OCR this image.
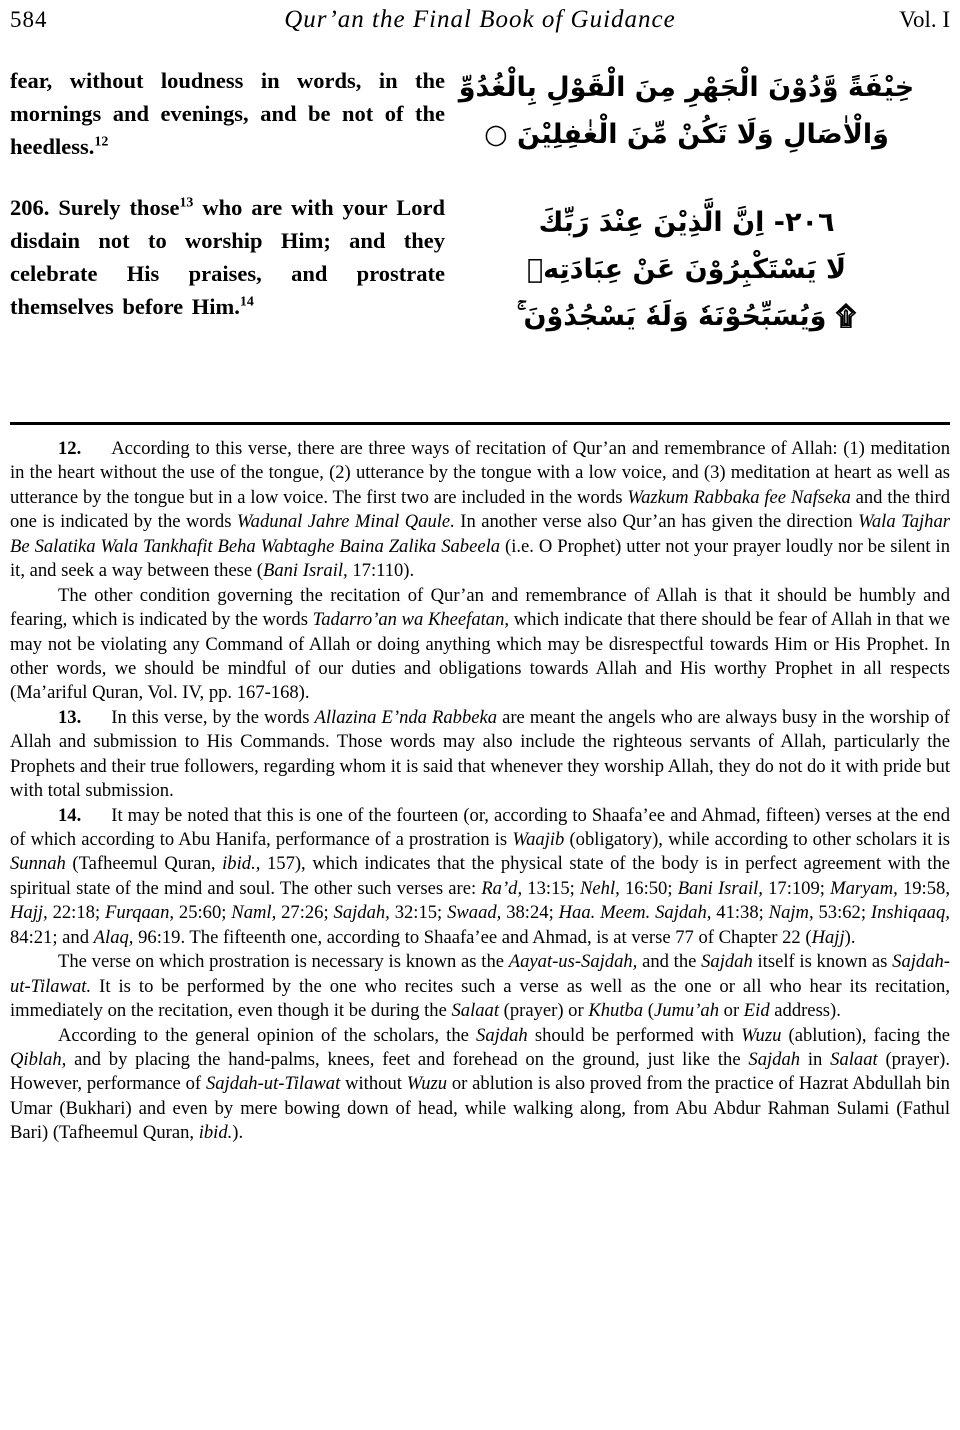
584	Qur’an the Final Book of Guidance	Vol. I

fear, without loudness in words, in the mornings and evenings, and be not of the heedless.$^{12}$

206. Surely those$^{13}$ who are with your Lord disdain not to worship Him; and they celebrate His praises, and prostrate themselves before Him.$^{14}$

خِيْفَةً وَّدُوْنَ الْجَهْرِ مِنَ الْقَوْلِ بِالْغُدُوِّ
وَالْاٰصَالِ وَلَا تَكُنْ مِّنَ الْغٰفِلِيْنَ ○
٢٠٦- اِنَّ الَّذِيْنَ عِنْدَ رَبِّكَ
لَا يَسْتَكْبِرُوْنَ عَنْ عِبَادَتِهٖ
۩ وَيُسَبِّحُوْنَهٗ وَلَهٗ يَسْجُدُوْنَ ۚ

12. According to this verse, there are three ways of recitation of Qur’an and remembrance of Allah: (1) meditation in the heart without the use of the tongue, (2) utterance by the tongue with a low voice, and (3) meditation at heart as well as utterance by the tongue but in a low voice. The first two are included in the words Wazkum Rabbaka fee Nafseka and the third one is indicated by the words Wadunal Jahre Minal Qaule. In another verse also Qur’an has given the direction Wala Tajhar Be Salatika Wala Tankhafit Beha Wabtaghe Baina Zalika Sabeela (i.e. O Prophet) utter not your prayer loudly nor be silent in it, and seek a way between these (Bani Israil, 17:110).

The other condition governing the recitation of Qur’an and remembrance of Allah is that it should be humbly and fearing, which is indicated by the words Tadarro’an wa Kheefatan, which indicate that there should be fear of Allah in that we may not be violating any Command of Allah or doing anything which may be disrespectful towards Him or His Prophet. In other words, we should be mindful of our duties and obligations towards Allah and His worthy Prophet in all respects (Ma’ariful Quran, Vol. IV, pp. 167-168).

13. In this verse, by the words Allazina E’nda Rabbeka are meant the angels who are always busy in the worship of Allah and submission to His Commands. Those words may also include the righteous servants of Allah, particularly the Prophets and their true followers, regarding whom it is said that whenever they worship Allah, they do not do it with pride but with total submission.

14. It may be noted that this is one of the fourteen (or, according to Shaafa’ee and Ahmad, fifteen) verses at the end of which according to Abu Hanifa, performance of a prostration is Waajib (obligatory), while according to other scholars it is Sunnah (Tafheemul Quran, ibid., 157), which indicates that the physical state of the body is in perfect agreement with the spiritual state of the mind and soul. The other such verses are: Ra’d, 13:15; Nehl, 16:50; Bani Israil, 17:109; Maryam, 19:58, Hajj, 22:18; Furqaan, 25:60; Naml, 27:26; Sajdah, 32:15; Swaad, 38:24; Haa. Meem. Sajdah, 41:38; Najm, 53:62; Inshiqaaq, 84:21; and Alaq, 96:19. The fifteenth one, according to Shaafa’ee and Ahmad, is at verse 77 of Chapter 22 (Hajj).

The verse on which prostration is necessary is known as the Aayat-us-Sajdah, and the Sajdah itself is known as Sajdah-ut-Tilawat. It is to be performed by the one who recites such a verse as well as the one or all who hear its recitation, immediately on the recitation, even though it be during the Salaat (prayer) or Khutba (Jumu’ah or Eid address).

According to the general opinion of the scholars, the Sajdah should be performed with Wuzu (ablution), facing the Qiblah, and by placing the hand-palms, knees, feet and forehead on the ground, just like the Sajdah in Salaat (prayer). However, performance of Sajdah-ut-Tilawat without Wuzu or ablution is also proved from the practice of Hazrat Abdullah bin Umar (Bukhari) and even by mere bowing down of head, while walking along, from Abu Abdur Rahman Sulami (Fathul Bari) (Tafheemul Quran, ibid.).
